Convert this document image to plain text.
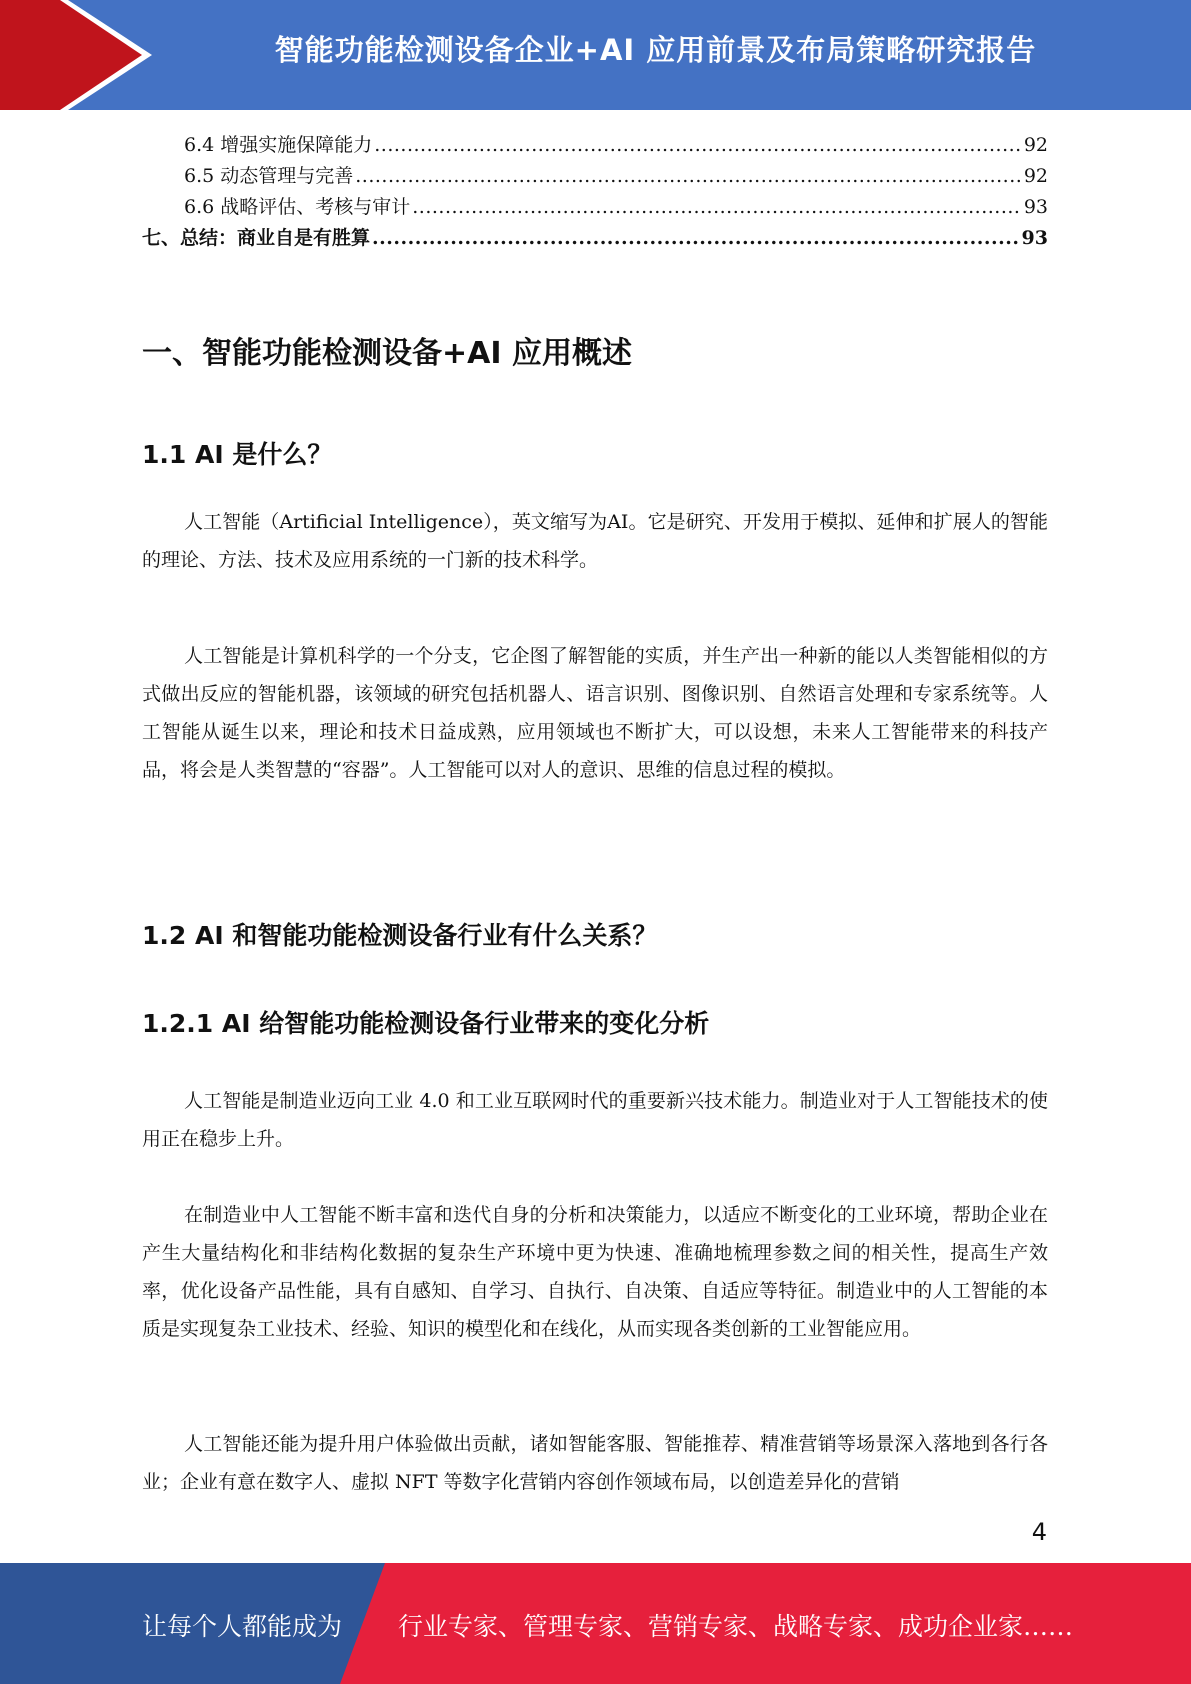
智能功能检测设备企业+AI 应用前景及布局策略研究报告
6.4 增强实施保障能力 .....	92
6.5 动态管理与完善 .....	92
6.6 战略评估、考核与审计 .....	93
七、总结：商业自是有胜算 .....	93
一、智能功能检测设备+AI 应用概述
1.1 AI 是什么？

人工智能（Artificial Intelligence），英文缩写为AI。它是研究、开发用于模拟、延伸和扩展人的智能的理论、方法、技术及应用系统的一门新的技术科学。

人工智能是计算机科学的一个分支，它企图了解智能的实质，并生产出一种新的能以人类智能相似的方式做出反应的智能机器，该领域的研究包括机器人、语言识别、图像识别、自然语言处理和专家系统等。人工智能从诞生以来，理论和技术日益成熟，应用领域也不断扩大，可以设想，未来人工智能带来的科技产品，将会是人类智慧的“容器”。人工智能可以对人的意识、思维的信息过程的模拟。

1.2 AI 和智能功能检测设备行业有什么关系？
1.2.1 AI 给智能功能检测设备行业带来的变化分析

人工智能是制造业迈向工业 4.0 和工业互联网时代的重要新兴技术能力。制造业对于人工智能技术的使用正在稳步上升。

在制造业中人工智能不断丰富和迭代自身的分析和决策能力，以适应不断变化的工业环境，帮助企业在产生大量结构化和非结构化数据的复杂生产环境中更为快速、准确地梳理参数之间的相关性，提高生产效率，优化设备产品性能，具有自感知、自学习、自执行、自决策、自适应等特征。制造业中的人工智能的本质是实现复杂工业技术、经验、知识的模型化和在线化，从而实现各类创新的工业智能应用。

人工智能还能为提升用户体验做出贡献，诸如智能客服、智能推荐、精准营销等场景深入落地到各行各业；企业有意在数字人、虚拟 NFT 等数字化营销内容创作领域布局，以创造差异化的营销

4
让每个人都能成为 行业专家、管理专家、营销专家、战略专家、成功企业家……
